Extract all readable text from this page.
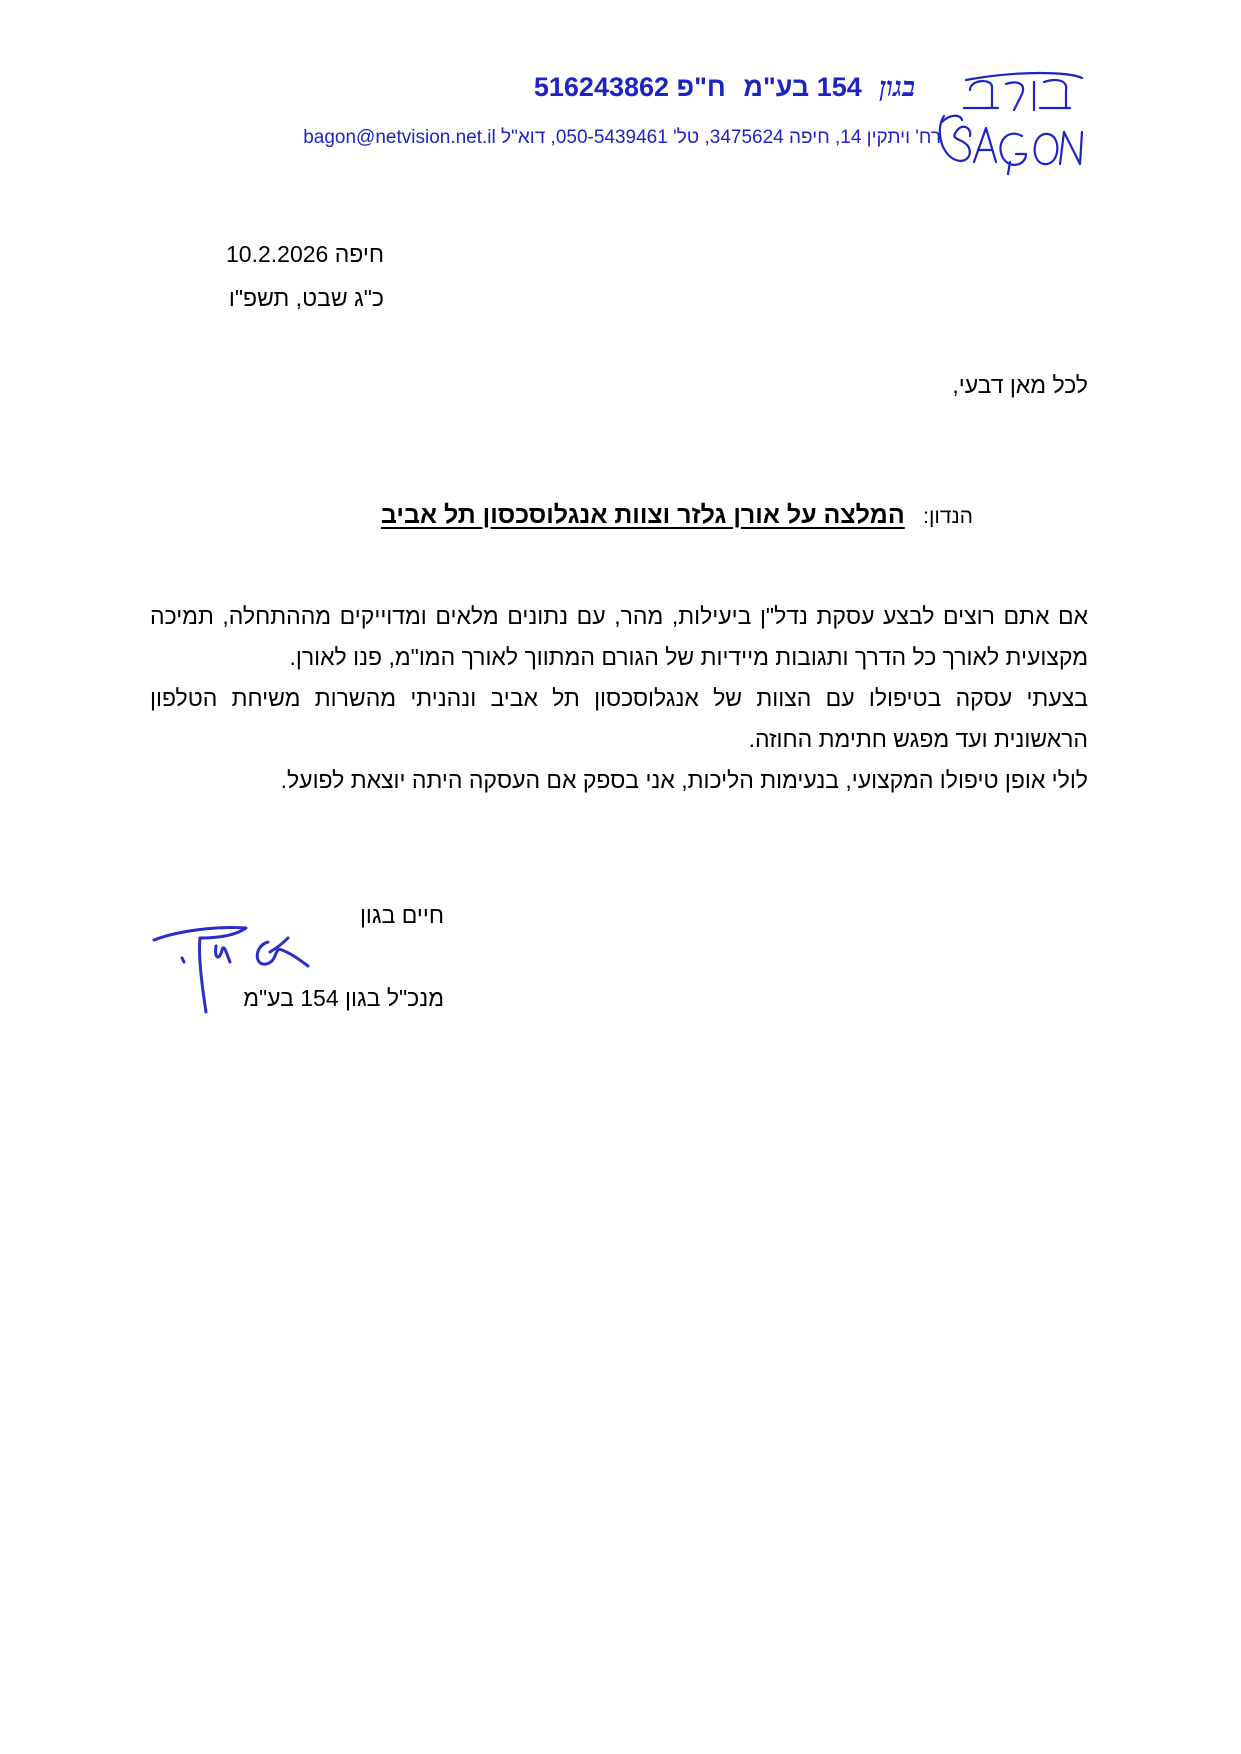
בגון 154 בע"מ ח"פ 516243862
רח' ויתקין 14, חיפה 3475624, טל' 050-5439461, דוא"ל bagon@netvision.net.il
חיפה 10.2.2026
כ"ג שבט, תשפ"ו
לכל מאן דבעי,
הנדון: המלצה על אורן גלזר וצוות אנגלוסכסון תל אביב

אם אתם רוצים לבצע עסקת נדל"ן ביעילות, מהר, עם נתונים מלאים ומדוייקים מההתחלה, תמיכה מקצועית לאורך כל הדרך ותגובות מיידיות של הגורם המתווך לאורך המו"מ, פנו לאורן.

בצעתי עסקה בטיפולו עם הצוות של אנגלוסכסון תל אביב ונהניתי מהשרות משיחת הטלפון הראשונית ועד מפגש חתימת החוזה.

לולי אופן טיפולו המקצועי, בנעימות הליכות, אני בספק אם העסקה היתה יוצאת לפועל.

חיים בגון
מנכ"ל בגון 154 בע"מ
